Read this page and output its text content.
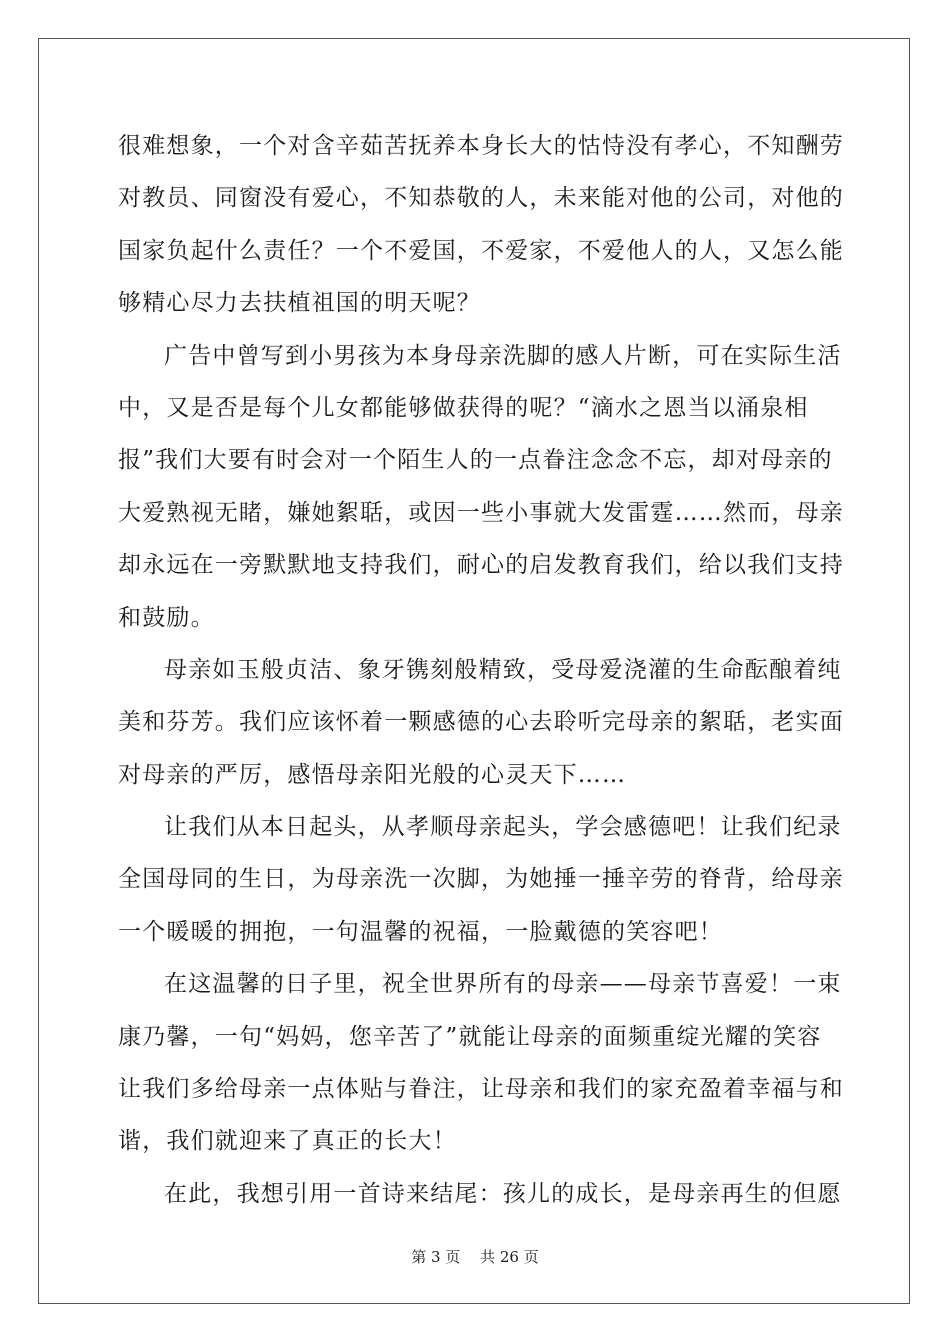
很难想象，一个对含辛茹苦抚养本身长大的怙恃没有孝心，不知酬劳
对教员、同窗没有爱心，不知恭敬的人，未来能对他的公司，对他的
国家负起什么责任？一个不爱国，不爱家，不爱他人的人，又怎么能
够精心尽力去扶植祖国的明天呢？
广告中曾写到小男孩为本身母亲洗脚的感人片断，可在实际生活
中，又是否是每个儿女都能够做获得的呢？“滴水之恩当以涌泉相
报”我们大要有时会对一个陌生人的一点眷注念念不忘，却对母亲的
大爱熟视无睹，嫌她絮聒，或因一些小事就大发雷霆……然而，母亲
却永远在一旁默默地支持我们，耐心的启发教育我们，给以我们支持
和鼓励。
母亲如玉般贞洁、象牙镌刻般精致，受母爱浇灌的生命酝酿着纯
美和芬芳。我们应该怀着一颗感德的心去聆听完母亲的絮聒，老实面
对母亲的严厉，感悟母亲阳光般的心灵天下……
让我们从本日起头，从孝顺母亲起头，学会感德吧！让我们纪录
全国母同的生日，为母亲洗一次脚，为她捶一捶辛劳的脊背，给母亲
一个暖暖的拥抱，一句温馨的祝福，一脸戴德的笑容吧！
在这温馨的日子里，祝全世界所有的母亲——母亲节喜爱！一束
康乃馨，一句“妈妈，您辛苦了”就能让母亲的面频重绽光耀的笑容
让我们多给母亲一点体贴与眷注，让母亲和我们的家充盈着幸福与和
谐，我们就迎来了真正的长大！
在此，我想引用一首诗来结尾：孩儿的成长，是母亲再生的但愿
第 3 页　 共 26 页
